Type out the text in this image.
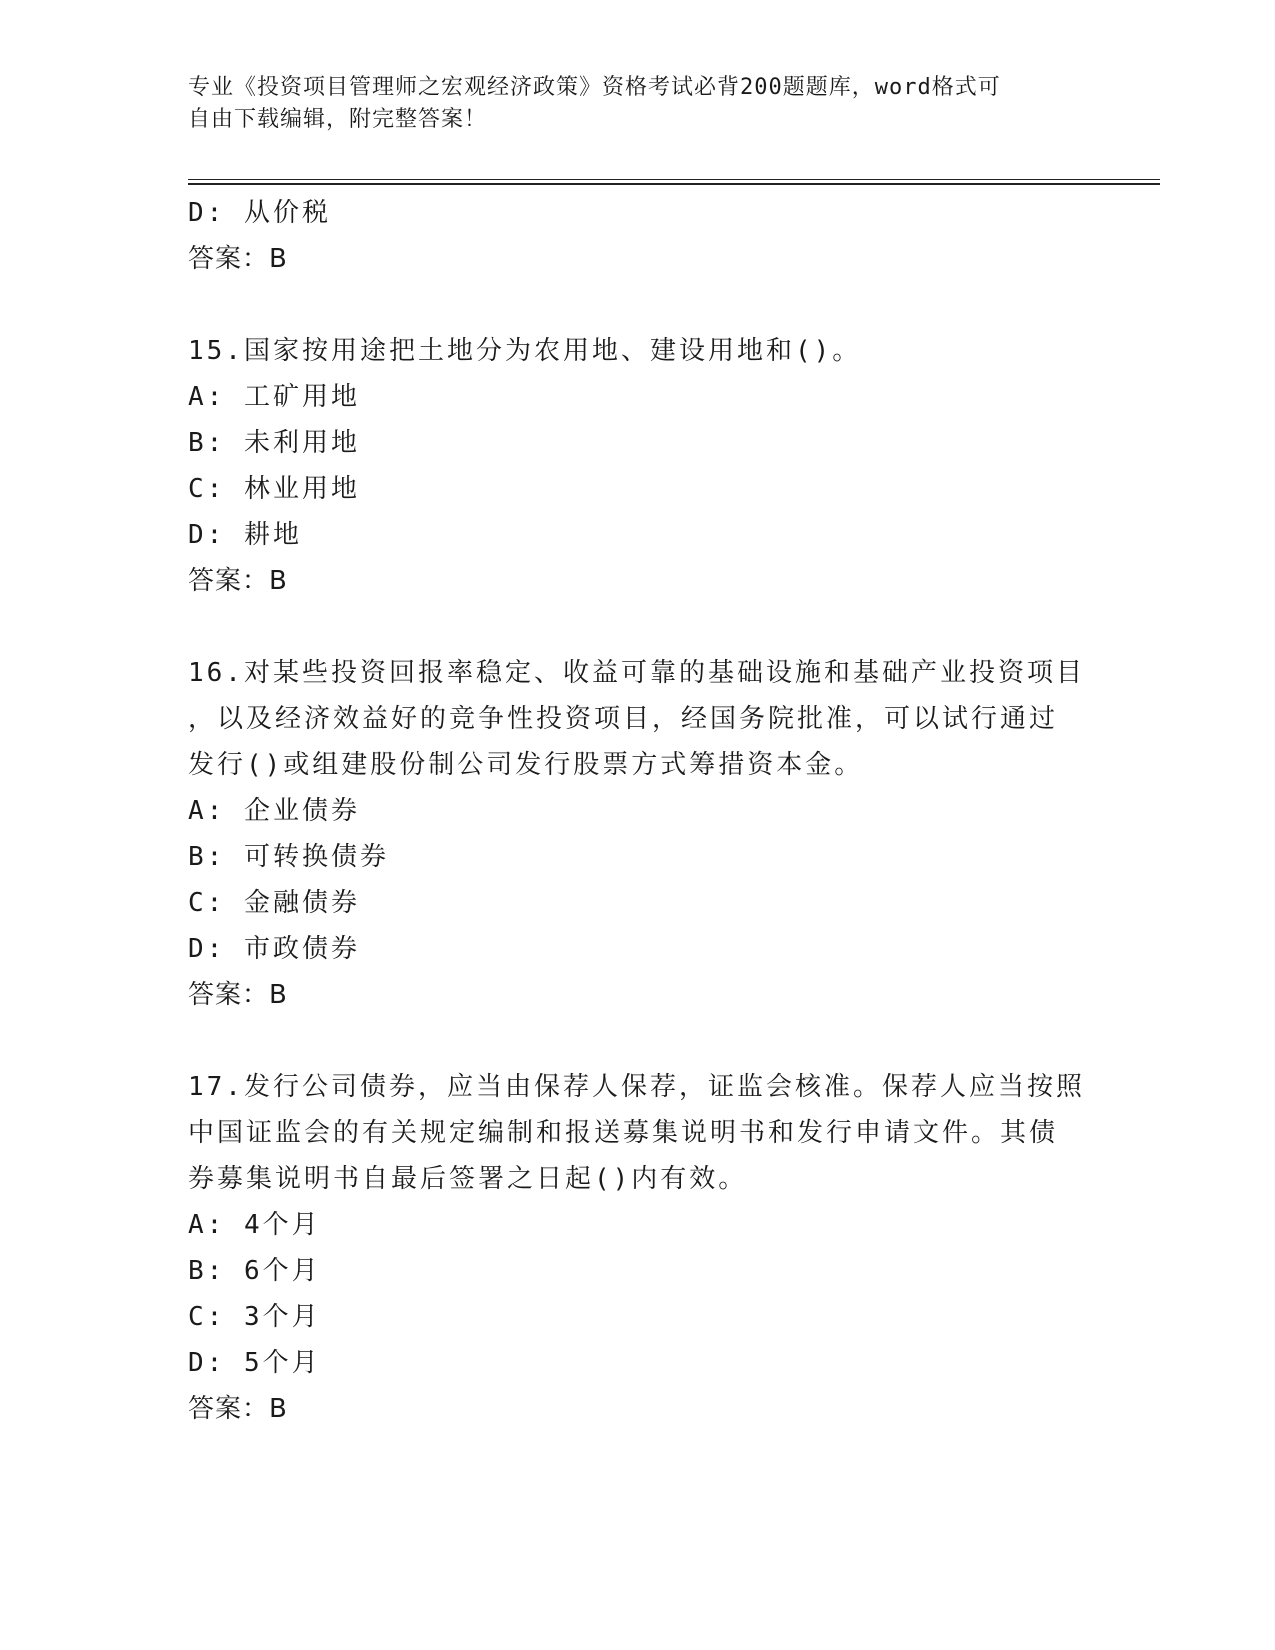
专业《投资项目管理师之宏观经济政策》资格考试必背200题题库，word格式可
自由下载编辑，附完整答案！
D: 从价税
答案：B
15.国家按用途把土地分为农用地、建设用地和()。
A: 工矿用地
B: 未利用地
C: 林业用地
D: 耕地
答案：B
16.对某些投资回报率稳定、收益可靠的基础设施和基础产业投资项目
，以及经济效益好的竞争性投资项目，经国务院批准，可以试行通过
发行()或组建股份制公司发行股票方式筹措资本金。
A: 企业债券
B: 可转换债券
C: 金融债券
D: 市政债券
答案：B
17.发行公司债券，应当由保荐人保荐，证监会核准。保荐人应当按照
中国证监会的有关规定编制和报送募集说明书和发行申请文件。其债
券募集说明书自最后签署之日起()内有效。
A: 4个月
B: 6个月
C: 3个月
D: 5个月
答案：B
